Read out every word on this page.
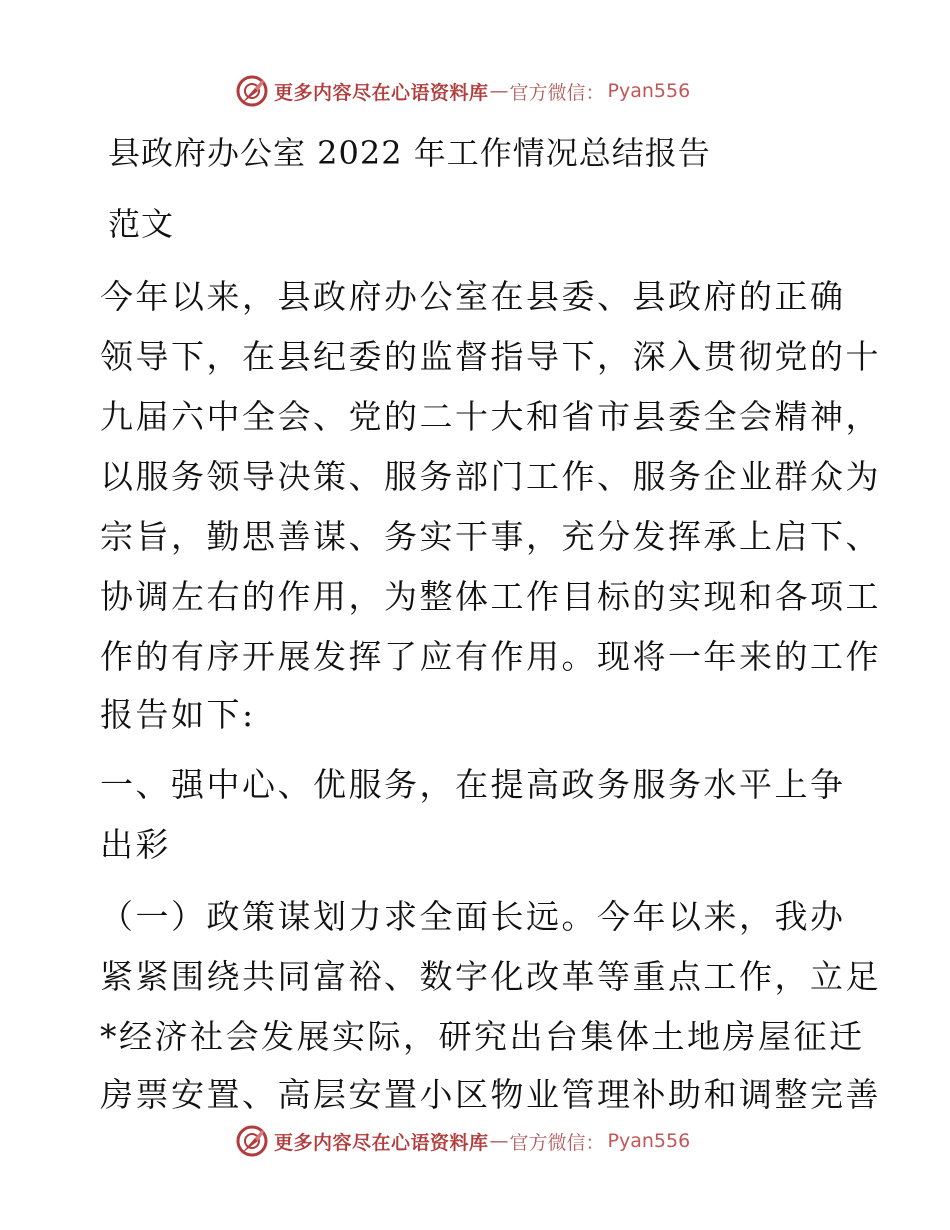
更多内容尽在心语资料库 — 官方微信： Pyan556
县政府办公室 2022 年工作情况总结报告
范文
今年以来，县政府办公室在县委、县政府的正确
领导下，在县纪委的监督指导下，深入贯彻党的十
九届六中全会、党的二十大和省市县委全会精神，
以服务领导决策、服务部门工作、服务企业群众为
宗旨，勤思善谋、务实干事，充分发挥承上启下、
协调左右的作用，为整体工作目标的实现和各项工
作的有序开展发挥了应有作用。现将一年来的工作
报告如下:
一、强中心、优服务，在提高政务服务水平上争
出彩
（一）政策谋划力求全面长远。今年以来，我办
紧紧围绕共同富裕、数字化改革等重点工作，立足
*经济社会发展实际，研究出台集体土地房屋征迁
房票安置、高层安置小区物业管理补助和调整完善
更多内容尽在心语资料库 — 官方微信： Pyan556
